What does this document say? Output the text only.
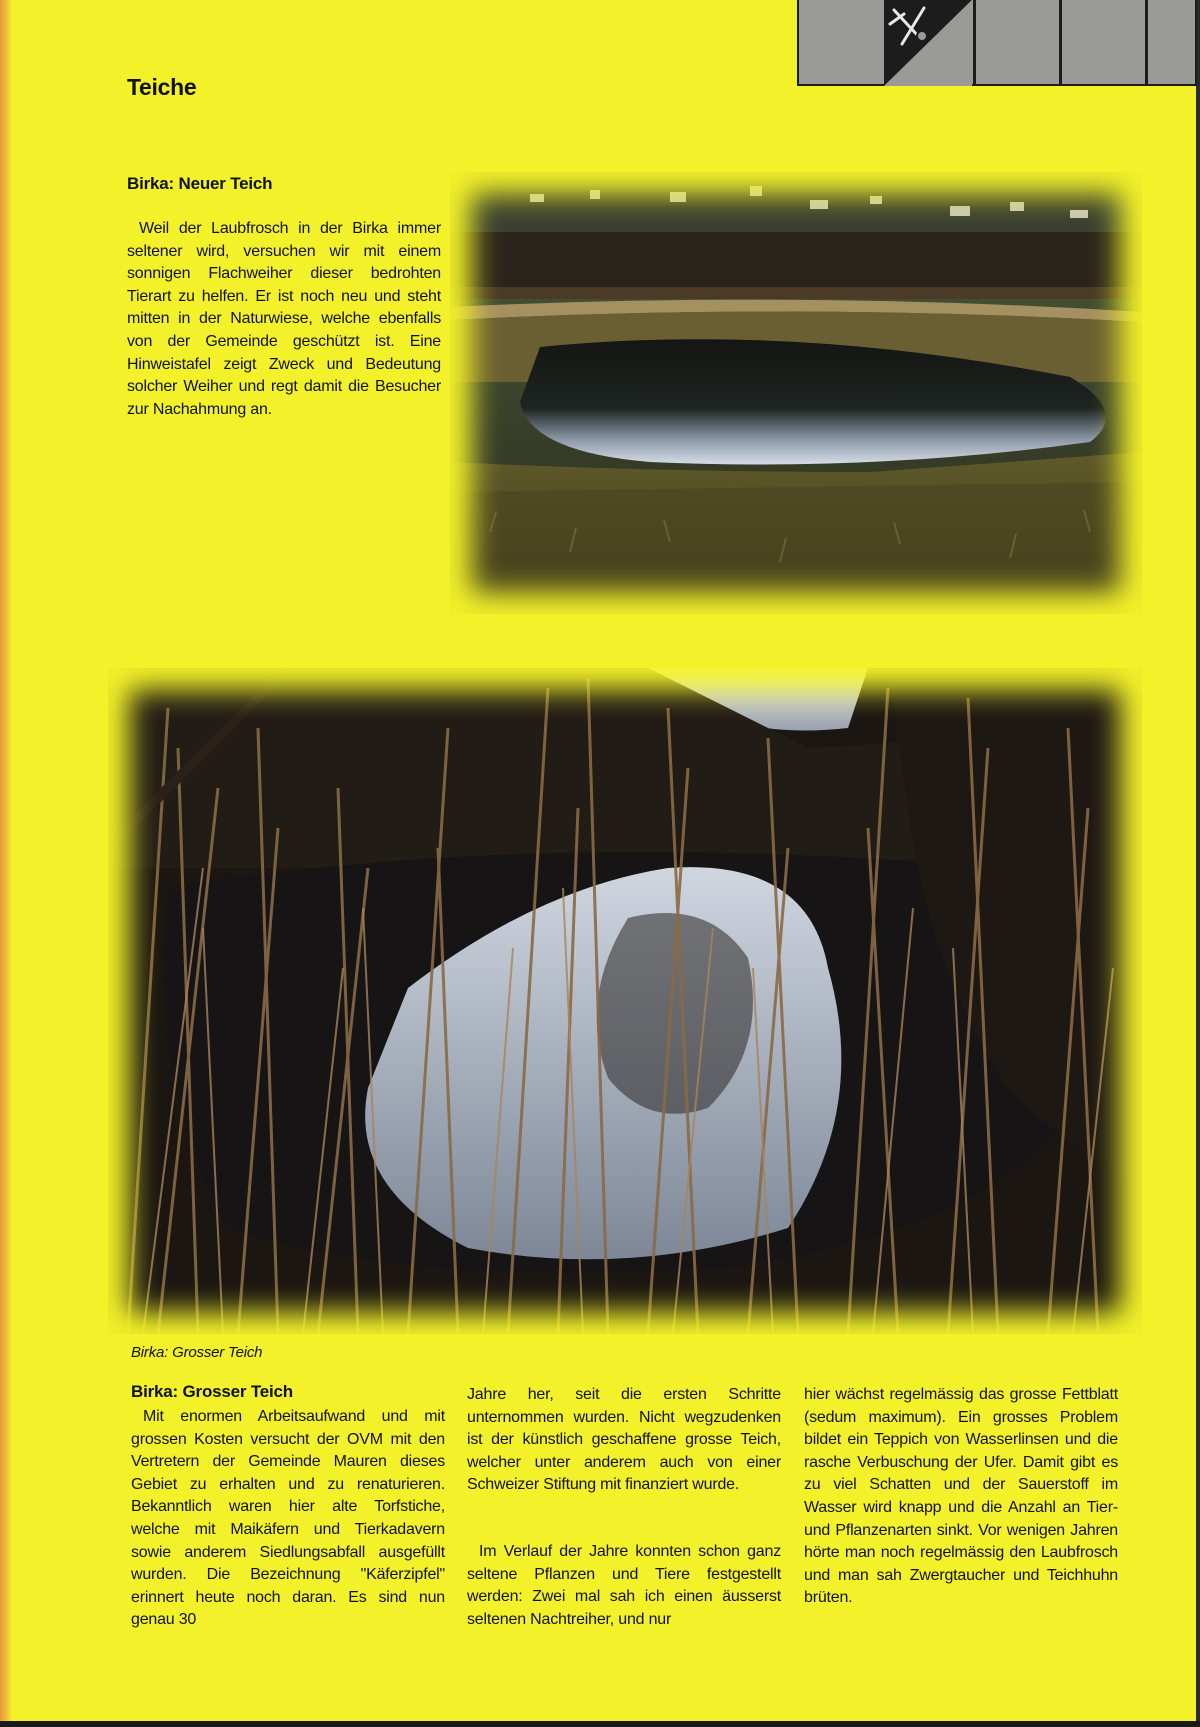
Teiche
Birka: Neuer Teich

Weil der Laubfrosch in der Birka immer seltener wird, versuchen wir mit einem sonnigen Flachweiher dieser bedrohten Tierart zu helfen. Er ist noch neu und steht mitten in der Naturwiese, welche ebenfalls von der Gemeinde geschützt ist. Eine Hinweistafel zeigt Zweck und Bedeutung solcher Weiher und regt damit die Besucher zur Nachahmung an.

Birka: Grosser Teich

Birka: Grosser Teich

Mit enormen Arbeitsaufwand und mit grossen Kosten versucht der OVM mit den Vertretern der Gemeinde Mauren dieses Gebiet zu erhalten und zu renaturieren. Bekanntlich waren hier alte Torfstiche, welche mit Maikäfern und Tierkadavern sowie anderem Siedlungsabfall ausgefüllt wurden. Die Bezeichnung "Käferzipfel" erinnert heute noch daran. Es sind nun genau 30

Jahre her, seit die ersten Schritte unternommen wurden. Nicht wegzudenken ist der künstlich geschaffene grosse Teich, welcher unter anderem auch von einer Schweizer Stiftung mit finanziert wurde.

Im Verlauf der Jahre konnten schon ganz seltene Pflanzen und Tiere festgestellt werden: Zwei mal sah ich einen äusserst seltenen Nachtreiher, und nur

hier wächst regelmässig das grosse Fettblatt (sedum maximum). Ein grosses Problem bildet ein Teppich von Wasserlinsen und die rasche Verbuschung der Ufer. Damit gibt es zu viel Schatten und der Sauerstoff im Wasser wird knapp und die Anzahl an Tier- und Pflanzenarten sinkt. Vor wenigen Jahren hörte man noch regelmässig den Laubfrosch und man sah Zwergtaucher und Teichhuhn brüten.
